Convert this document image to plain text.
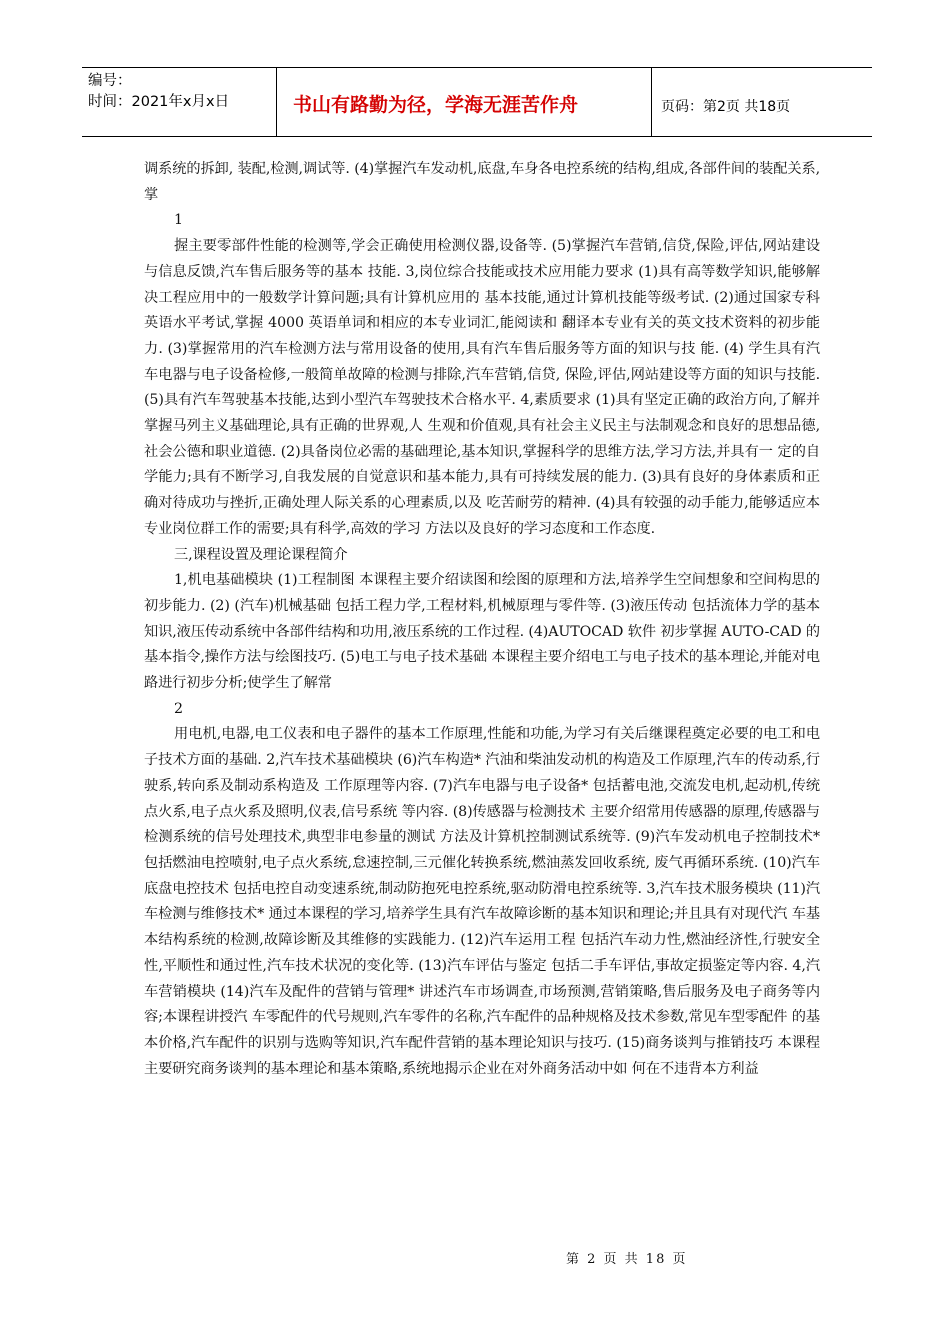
编号：
时间：2021年x月x日	书山有路勤为径，学海无涯苦作舟	页码：第2页 共18页

调系统的拆卸, 装配,检测,调试等. (4)掌握汽车发动机,底盘,车身各电控系统的结构,组成,各部件间的装配关系,掌

1

握主要零部件性能的检测等,学会正确使用检测仪器,设备等. (5)掌握汽车营销,信贷,保险,评估,网站建设与信息反馈,汽车售后服务等的基本 技能. 3,岗位综合技能或技术应用能力要求 (1)具有高等数学知识,能够解决工程应用中的一般数学计算问题;具有计算机应用的 基本技能,通过计算机技能等级考试. (2)通过国家专科英语水平考试,掌握 4000 英语单词和相应的本专业词汇,能阅读和 翻译本专业有关的英文技术资料的初步能力. (3)掌握常用的汽车检测方法与常用设备的使用,具有汽车售后服务等方面的知识与技 能. (4) 学生具有汽车电器与电子设备检修,一般简单故障的检测与排除,汽车营销,信贷, 保险,评估,网站建设等方面的知识与技能. (5)具有汽车驾驶基本技能,达到小型汽车驾驶技术合格水平. 4,素质要求 (1)具有坚定正确的政治方向,了解并掌握马列主义基础理论,具有正确的世界观,人 生观和价值观,具有社会主义民主与法制观念和良好的思想品德,社会公德和职业道德. (2)具备岗位必需的基础理论,基本知识,掌握科学的思维方法,学习方法,并具有一 定的自学能力;具有不断学习,自我发展的自觉意识和基本能力,具有可持续发展的能力. (3)具有良好的身体素质和正确对待成功与挫折,正确处理人际关系的心理素质,以及 吃苦耐劳的精神. (4)具有较强的动手能力,能够适应本专业岗位群工作的需要;具有科学,高效的学习 方法以及良好的学习态度和工作态度.

三,课程设置及理论课程简介

1,机电基础模块 (1)工程制图 本课程主要介绍读图和绘图的原理和方法,培养学生空间想象和空间构思的初步能力. (2) (汽车)机械基础 包括工程力学,工程材料,机械原理与零件等. (3)液压传动 包括流体力学的基本知识,液压传动系统中各部件结构和功用,液压系统的工作过程. (4)AUTOCAD 软件 初步掌握 AUTO-CAD 的基本指令,操作方法与绘图技巧. (5)电工与电子技术基础 本课程主要介绍电工与电子技术的基本理论,并能对电路进行初步分析;使学生了解常

2

用电机,电器,电工仪表和电子器件的基本工作原理,性能和功能,为学习有关后继课程奠定必要的电工和电子技术方面的基础. 2,汽车技术基础模块 (6)汽车构造* 汽油和柴油发动机的构造及工作原理,汽车的传动系,行驶系,转向系及制动系构造及 工作原理等内容. (7)汽车电器与电子设备* 包括蓄电池,交流发电机,起动机,传统点火系,电子点火系及照明,仪表,信号系统 等内容. (8)传感器与检测技术 主要介绍常用传感器的原理,传感器与检测系统的信号处理技术,典型非电参量的测试 方法及计算机控制测试系统等. (9)汽车发动机电子控制技术* 包括燃油电控喷射,电子点火系统,怠速控制,三元催化转换系统,燃油蒸发回收系统, 废气再循环系统. (10)汽车底盘电控技术 包括电控自动变速系统,制动防抱死电控系统,驱动防滑电控系统等. 3,汽车技术服务模块 (11)汽车检测与维修技术* 通过本课程的学习,培养学生具有汽车故障诊断的基本知识和理论;并且具有对现代汽 车基本结构系统的检测,故障诊断及其维修的实践能力. (12)汽车运用工程 包括汽车动力性,燃油经济性,行驶安全性,平顺性和通过性,汽车技术状况的变化等. (13)汽车评估与鉴定 包括二手车评估,事故定损鉴定等内容. 4,汽车营销模块 (14)汽车及配件的营销与管理* 讲述汽车市场调查,市场预测,营销策略,售后服务及电子商务等内容;本课程讲授汽 车零配件的代号规则,汽车零件的名称,汽车配件的品种规格及技术参数,常见车型零配件 的基本价格,汽车配件的识别与选购等知识,汽车配件营销的基本理论知识与技巧. (15)商务谈判与推销技巧 本课程主要研究商务谈判的基本理论和基本策略,系统地揭示企业在对外商务活动中如 何在不违背本方利益

第 2 页 共 18 页
